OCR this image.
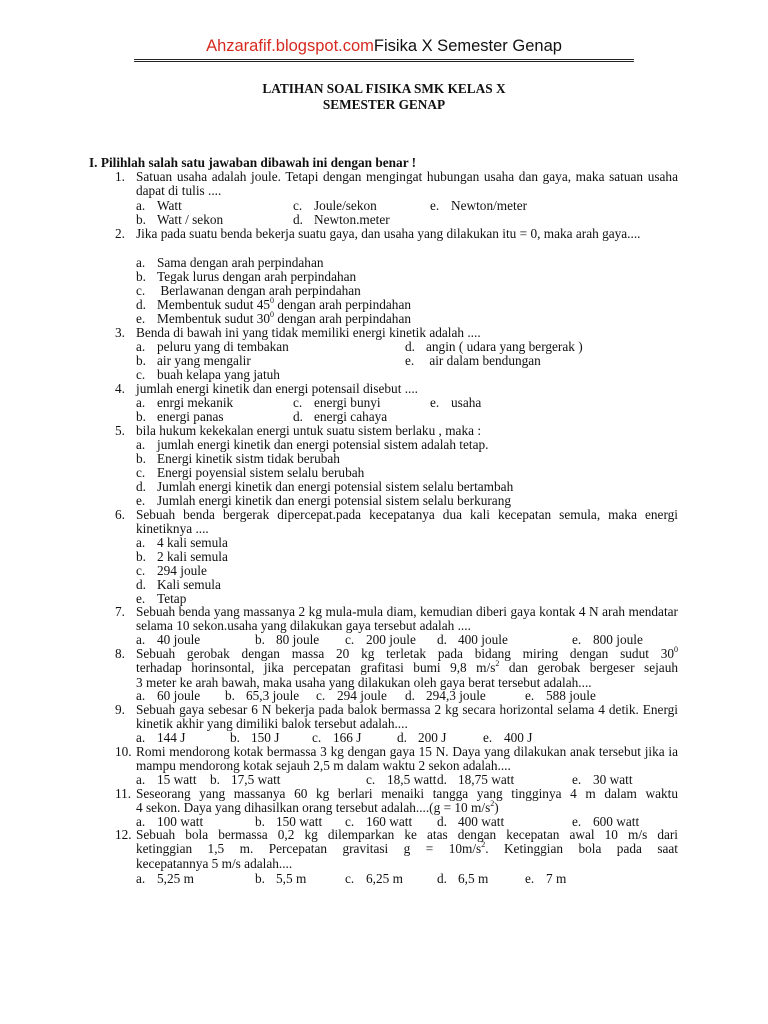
Ahzarafif.blogspot.comFisika X Semester Genap
LATIHAN SOAL FISIKA SMK KELAS X
SEMESTER GENAP
I. Pilihlah salah satu jawaban dibawah ini dengan benar !
1. Satuan usaha adalah joule. Tetapi dengan mengingat hubungan usaha dan gaya, maka satuan usaha dapat di tulis ....
a. Watt	c. Joule/sekon	e. Newton/meter
b. Watt / sekon	d. Newton.meter
2. Jika pada suatu benda bekerja suatu gaya, dan usaha yang dilakukan itu = 0, maka arah gaya....
a. Sama dengan arah perpindahan
b. Tegak lurus dengan arah perpindahan
c. Berlawanan dengan arah perpindahan
d. Membentuk sudut $45^0$ dengan arah perpindahan
e. Membentuk sudut $30^0$ dengan arah perpindahan
3. Benda di bawah ini yang tidak memiliki energi kinetik adalah ....
a. peluru yang di tembakan	d. angin ( udara yang bergerak )
b. air yang mengalir	e. air dalam bendungan
c. buah kelapa yang jatuh
4. jumlah energi kinetik dan energi potensail disebut ....
a. enrgi mekanik	c. energi bunyi	e. usaha
b. energi panas	d. energi cahaya
5. bila hukum kekekalan energi untuk suatu sistem berlaku , maka :
a. jumlah energi kinetik dan energi potensial sistem adalah tetap.
b. Energi kinetik sistm tidak berubah
c. Energi poyensial sistem selalu berubah
d. Jumlah energi kinetik dan energi potensial sistem selalu bertambah
e. Jumlah energi kinetik dan energi potensial sistem selalu berkurang
6. Sebuah benda bergerak dipercepat.pada kecepatanya dua kali kecepatan semula, maka energi kinetiknya ....
a. 4 kali semula
b. 2 kali semula
c. 294 joule
d. Kali semula
e. Tetap
7. Sebuah benda yang massanya 2 kg mula-mula diam, kemudian diberi gaya kontak 4 N arah mendatar selama 10 sekon.usaha yang dilakukan gaya tersebut adalah ....
a. 40 joule	b. 80 joule c. 200 joule d. 400 joule	e. 800 joule
8. Sebuah gerobak dengan massa 20 kg terletak pada bidang miring dengan sudut $30^0$
terhadap horinsontal, jika percepatan grafitasi bumi 9,8 $m/s^2$ dan gerobak bergeser sejauh
3 meter ke arah bawah, maka usaha yang dilakukan oleh gaya berat tersebut adalah....
a. 60 joule b. 65,3 joule c. 294 joule d. 294,3 joule	e. 588 joule
9. Sebuah gaya sebesar 6 N bekerja pada balok bermassa 2 kg secara horizontal selama 4 detik. Energi kinetik akhir yang dimiliki balok tersebut adalah....
a. 144 J	b. 150 J c. 166 J	d. 200 J	e. 400 J
10. Romi mendorong kotak bermassa 3 kg dengan gaya 15 N. Daya yang dilakukan anak tersebut jika ia mampu mendorong kotak sejauh 2,5 m dalam waktu 2 sekon adalah....
a. 15 watt b. 17,5 watt	c. 18,5 watt d. 18,75 watt	e. 30 watt
11. Seseorang yang massanya 60 kg berlari menaiki tangga yang tingginya 4 m dalam waktu
4 sekon. Daya yang dihasilkan orang tersebut adalah....(g = 10 $m/s^2$)
a. 100 watt	b. 150 watt c. 160 watt d. 400 watt	e. 600 watt
12. Sebuah bola bermassa 0,2 kg dilemparkan ke atas dengan kecepatan awal 10 m/s dari
ketinggian 1,5 m. Percepatan gravitasi $g = 10m/s^2$. Ketinggian bola pada saat
kecepatannya 5 m/s adalah....
a. 5,25 m	b. 5,5 m	c. 6,25 m	d. 6,5 m	e. 7 m
